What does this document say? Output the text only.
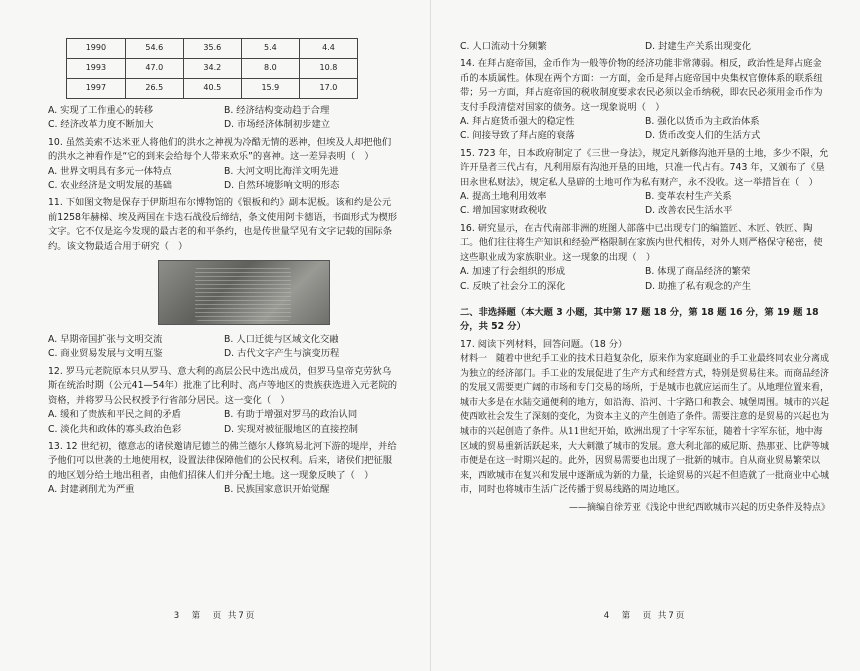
1990	54.6	35.6	5.4	4.4
1993	47.0	34.2	8.0	10.8
1997	26.5	40.5	15.9	17.0
A. 实现了工作重心的转移	B. 经济结构变动趋于合理
C. 经济改革力度不断加大	D. 市场经济体制初步建立
10. 虽然美索不达米亚人将他们的洪水之神视为冷酷无情的恶神，但埃及人却把他们的洪水之神看作是“它的到来会给每个人带来欢乐”的喜神。这一差异表明（　）
A. 世界文明具有多元一体特点	B. 大河文明比海洋文明先进
C. 农业经济是文明发展的基础	D. 自然环境影响文明的形态
11. 下如图文物是保存于伊斯坦布尔博物馆的《银板和约》副本泥板。该和约是公元前1258年赫梯、埃及两国在卡迭石战役后缔结，条文使用阿卡德语，书面形式为楔形文字。它不仅是迄今发现的最古老的和平条约，也是传世量罕见有文字记载的国际条约。该文物最适合用于研究（　）
A. 早期帝国扩张与文明交流	B. 人口迁徙与区域文化交融
C. 商业贸易发展与文明互鉴	D. 古代文字产生与演变历程
12. 罗马元老院原本只从罗马、意大利的高层公民中选出成员，但罗马皇帝克劳狄乌斯在统治时期（公元41—54年）批准了比利时、高卢等地区的贵族获选进入元老院的资格，并将罗马公民权授予行省部分居民。这一变化（　）
A. 缓和了贵族和平民之间的矛盾	B. 有助于增强对罗马的政治认同
C. 淡化共和政体的寡头政治色彩	D. 实现对被征服地区的直接控制
13. 12 世纪初，德意志的诸侯邀请尼德兰的佛兰德尔人修筑易北河下游的堤岸，并给予他们可以世袭的土地使用权，设置法律保障他们的公民权利。后来，诸侯们把征服的地区划分给土地出租者，由他们招徕人们并分配土地。这一现象反映了（　）
A. 封建剥削尤为严重	B. 民族国家意识开始觉醒
3　第　页 共7页
C. 人口流动十分频繁	D. 封建生产关系出现变化
14. 在拜占庭帝国，金币作为一般等价物的经济功能非常薄弱。相反，政治性是拜占庭金币的本质属性。体现在两个方面：一方面，金币是拜占庭帝国中央集权官僚体系的联系纽带；另一方面，拜占庭帝国的税收制度要求农民必须以金币纳税，即农民必须用金币作为支付手段清偿对国家的债务。这一现象说明（　）
A. 拜占庭货币强大的稳定性	B. 强化以货币为主政治体系
C. 间接导致了拜占庭的衰落	D. 货币改变人们的生活方式
15. 723 年，日本政府制定了《三世一身法》，规定凡新修沟池开垦的土地，多少不限，允许开垦者三代占有，凡利用原有沟池开垦的田地，只准一代占有。743 年，又颁布了《垦田永世私财法》，规定私人垦辟的土地可作为私有财产，永不没收。这一举措旨在（　）
A. 提高土地利用效率	B. 变革农村生产关系
C. 增加国家财政税收	D. 改善农民生活水平
16. 研究显示，在古代南部非洲的班图人部落中已出现专门的编篮匠、木匠、铁匠、陶工。他们往往将生产知识和经验严格限制在家族内世代相传，对外人则严格保守秘密，使这些职业成为家族职业。这一现象的出现（　）
A. 加速了行会组织的形成	B. 体现了商品经济的繁荣
C. 反映了社会分工的深化	D. 助推了私有观念的产生
二、非选择题（本大题 3 小题，其中第 17 题 18 分，第 18 题 16 分，第 19 题 18 分，共 52 分）
17. 阅读下列材料，回答问题。（18 分）
材料一　随着中世纪手工业的技术日趋复杂化，原来作为家庭副业的手工业最终同农业分离成为独立的经济部门。手工业的发展促进了生产方式和经营方式，特别是贸易往来。而商品经济的发展又需要更广阔的市场和专门交易的场所，于是城市也就应运而生了。从地理位置来看，城市大多是在水陆交通便利的地方，如沿海、沿河、十字路口和教会、城堡周围。城市的兴起使西欧社会发生了深刻的变化，为资本主义的产生创造了条件。需要注意的是贸易的兴起也为城市的兴起创造了条件。从11世纪开始，欧洲出现了十字军东征，随着十字军东征，地中海区域的贸易重新活跃起来，大大刺激了城市的发展。意大利北部的威尼斯、热那亚、比萨等城市便是在这一时期兴起的。此外，因贸易需要也出现了一批新的城市。自从商业贸易繁荣以来，西欧城市在复兴和发展中逐渐成为新的力量，长途贸易的兴起不但造就了一批商业中心城市，同时也将城市生活广泛传播于贸易线路的周边地区。
——摘编自徐芳亚《浅论中世纪西欧城市兴起的历史条件及特点》
4　第　页 共7页
